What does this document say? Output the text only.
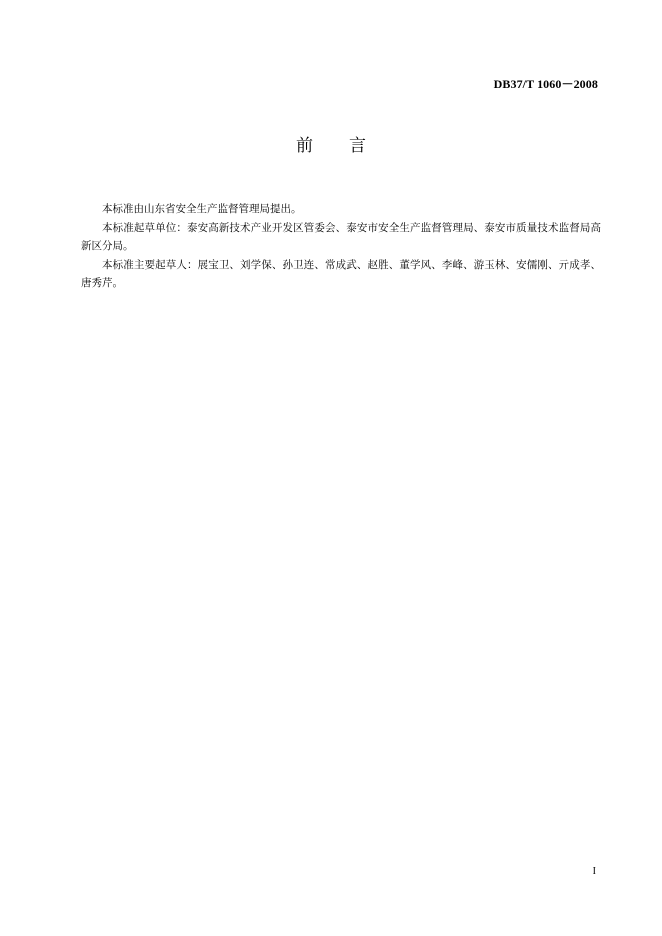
DB37/T 1060－2008
前言

本标准由山东省安全生产监督管理局提出。

本标准起草单位：泰安高新技术产业开发区管委会、泰安市安全生产监督管理局、泰安市质量技术监督局高新区分局。

本标准主要起草人：展宝卫、刘学保、孙卫连、常成武、赵胜、董学风、李峰、游玉林、安儒刚、亓成孝、唐秀芹。

I
